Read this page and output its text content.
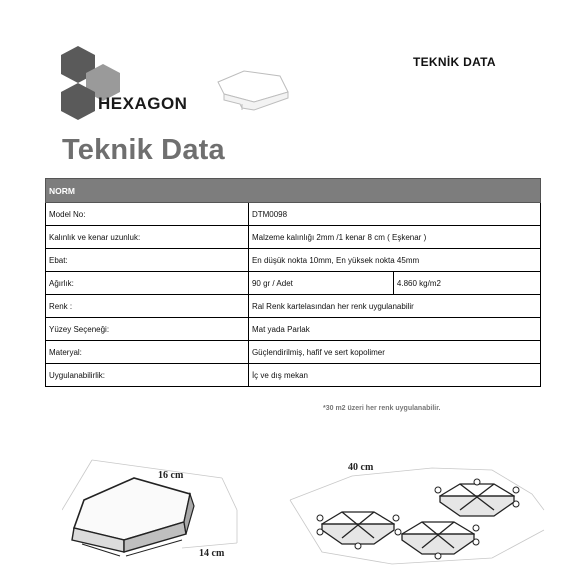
HEXAGON
TEKNİK DATA
Teknik Data
NORM		
Model No:	DTM0098	
Kalınlık ve kenar uzunluk:	Malzeme kalınlığı 2mm /1 kenar 8 cm ( Eşkenar )	
Ebat:	En düşük nokta 10mm, En yüksek nokta 45mm	
Ağırlık:	90 gr / Adet	4.860 kg/m2
Renk :	Ral Renk kartelasından her renk uygulanabilir	
Yüzey Seçeneği:	Mat yada Parlak	
Materyal:	Güçlendirilmiş, hafif ve sert kopolimer	
Uygulanabilirlik:	İç ve dış mekan	
*30 m2 üzeri her renk uygulanabilir.
16 cm
14 cm
40 cm
